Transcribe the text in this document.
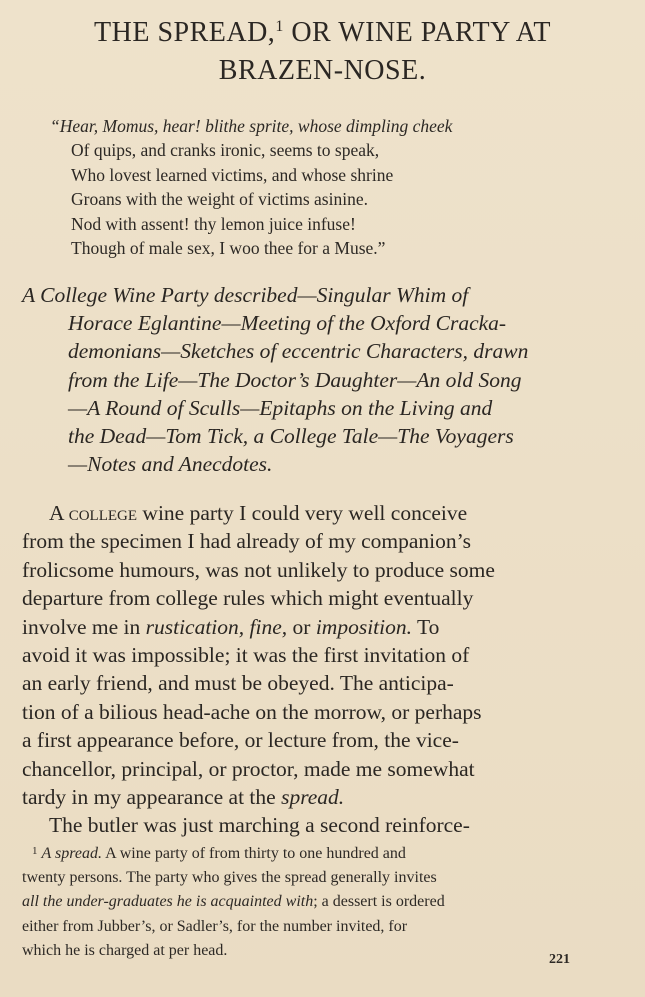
THE SPREAD,$^1$ OR WINE PARTY AT
BRAZEN-NOSE.
“Hear, Momus, hear! blithe sprite, whose dimpling cheek
Of quips, and cranks ironic, seems to speak,
Who lovest learned victims, and whose shrine
Groans with the weight of victims asinine.
Nod with assent! thy lemon juice infuse!
Though of male sex, I woo thee for a Muse.”
A College Wine Party described—Singular Whim of
Horace Eglantine—Meeting of the Oxford Cracka-
demonians—Sketches of eccentric Characters, drawn
from the Life—The Doctor’s Daughter—An old Song
—A Round of Sculls—Epitaphs on the Living and
the Dead—Tom Tick, a College Tale—The Voyagers
—Notes and Anecdotes.
A college wine party I could very well conceive
from the specimen I had already of my companion’s
frolicsome humours, was not unlikely to produce some
departure from college rules which might eventually
involve me in rustication, fine, or imposition. To
avoid it was impossible; it was the first invitation of
an early friend, and must be obeyed. The anticipa-
tion of a bilious head-ache on the morrow, or perhaps
a first appearance before, or lecture from, the vice-
chancellor, principal, or proctor, made me somewhat
tardy in my appearance at the spread.
The butler was just marching a second reinforce-
$^1$ A spread. A wine party of from thirty to one hundred and
twenty persons. The party who gives the spread generally invites
all the under-graduates he is acquainted with; a dessert is ordered
either from Jubber’s, or Sadler’s, for the number invited, for
which he is charged at per head.
221
